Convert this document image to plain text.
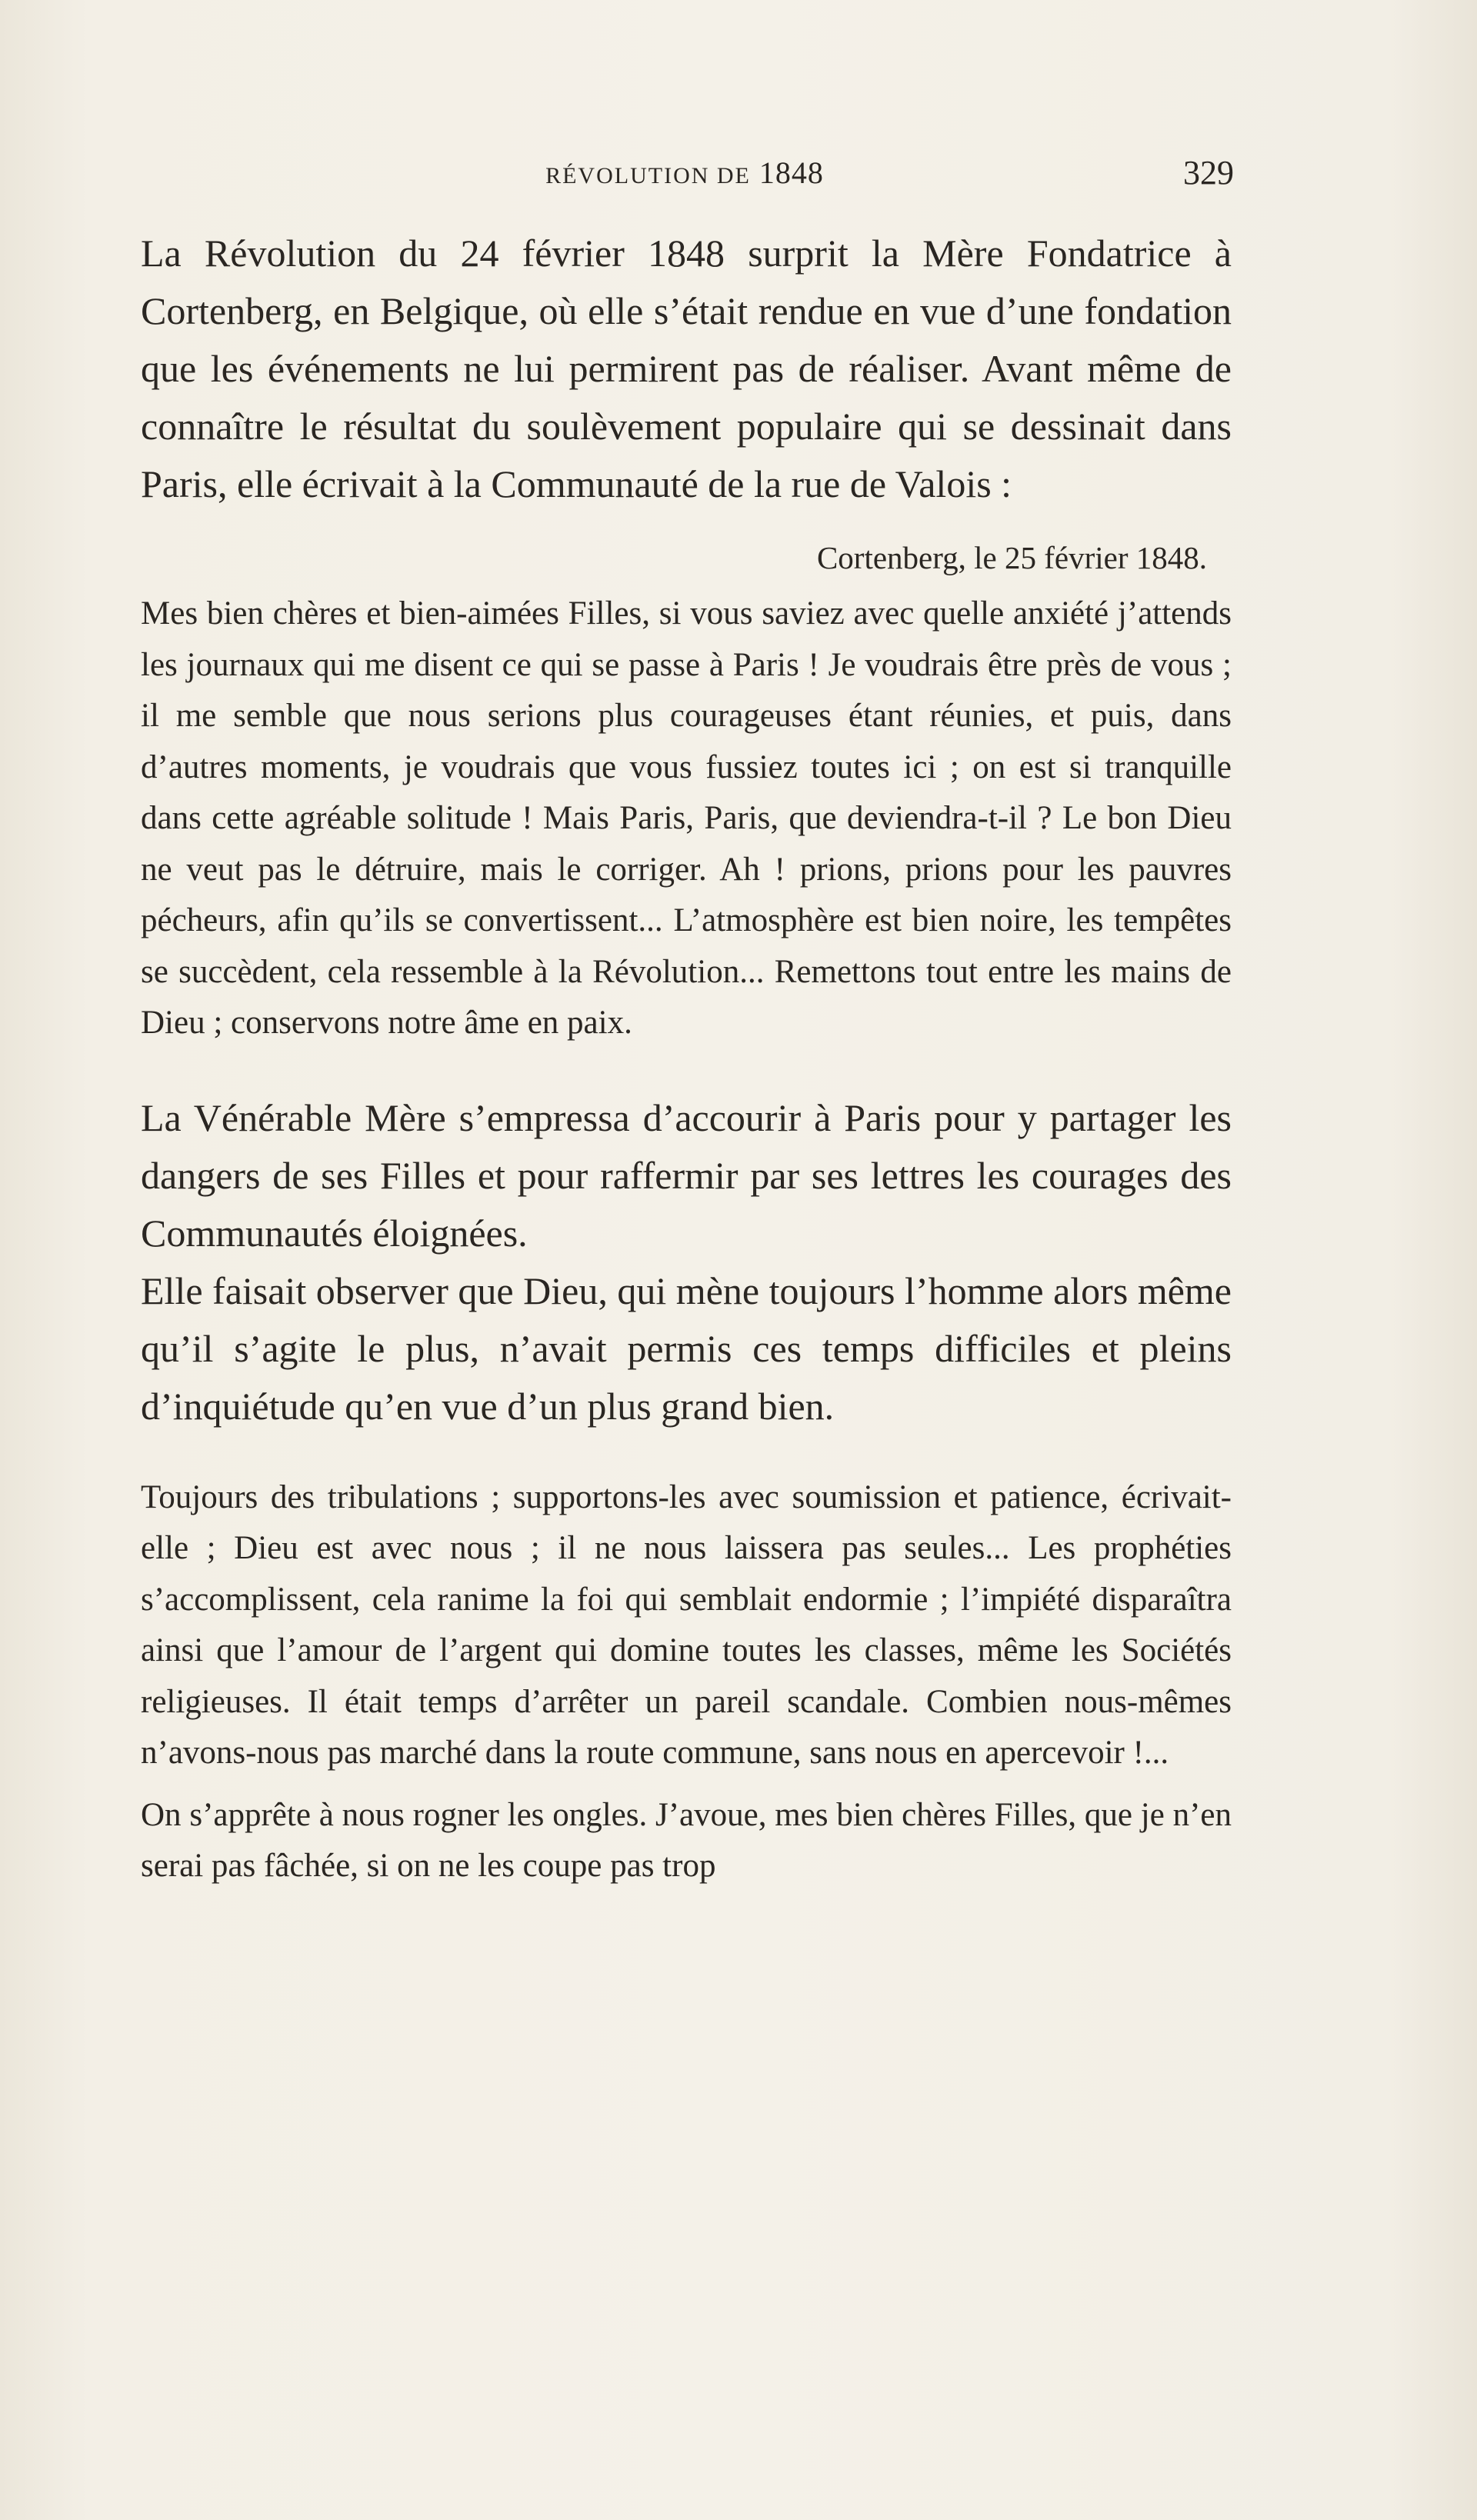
RÉVOLUTION DE 1848	329

La Révolution du 24 février 1848 surprit la Mère Fondatrice à Cortenberg, en Belgique, où elle s’était rendue en vue d’une fondation que les événements ne lui permirent pas de réaliser. Avant même de connaître le résultat du soulèvement populaire qui se dessinait dans Paris, elle écrivait à la Communauté de la rue de Valois :

Cortenberg, le 25 février 1848.

Mes bien chères et bien-aimées Filles, si vous saviez avec quelle anxiété j’attends les journaux qui me disent ce qui se passe à Paris ! Je voudrais être près de vous ; il me semble que nous serions plus courageuses étant réunies, et puis, dans d’autres moments, je voudrais que vous fussiez toutes ici ; on est si tranquille dans cette agréable solitude ! Mais Paris, Paris, que deviendra-t-il ? Le bon Dieu ne veut pas le détruire, mais le corriger. Ah ! prions, prions pour les pauvres pécheurs, afin qu’ils se convertissent... L’atmosphère est bien noire, les tempêtes se succèdent, cela ressemble à la Révolution... Remettons tout entre les mains de Dieu ; conservons notre âme en paix.

La Vénérable Mère s’empressa d’accourir à Paris pour y partager les dangers de ses Filles et pour raffermir par ses lettres les courages des Communautés éloignées.

Elle faisait observer que Dieu, qui mène toujours l’homme alors même qu’il s’agite le plus, n’avait permis ces temps difficiles et pleins d’inquiétude qu’en vue d’un plus grand bien.

Toujours des tribulations ; supportons-les avec soumission et patience, écrivait-elle ; Dieu est avec nous ; il ne nous laissera pas seules... Les prophéties s’accomplissent, cela ranime la foi qui semblait endormie ; l’impiété disparaîtra ainsi que l’amour de l’argent qui domine toutes les classes, même les Sociétés religieuses. Il était temps d’arrêter un pareil scandale. Combien nous-mêmes n’avons-nous pas marché dans la route commune, sans nous en apercevoir !...

On s’apprête à nous rogner les ongles. J’avoue, mes bien chères Filles, que je n’en serai pas fâchée, si on ne les coupe pas trop
